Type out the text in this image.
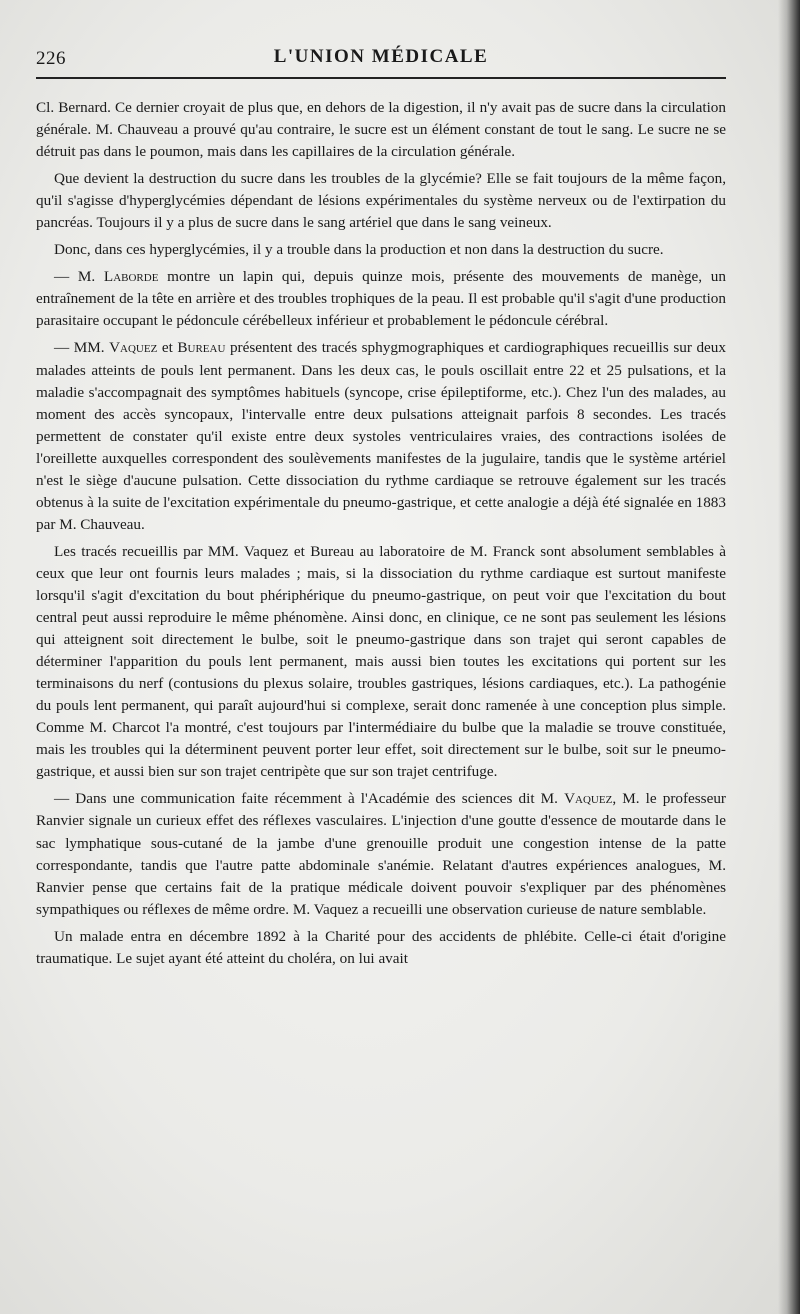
226	L'UNION MÉDICALE

Cl. Bernard. Ce dernier croyait de plus que, en dehors de la digestion, il n'y avait pas de sucre dans la circulation générale. M. Chauveau a prouvé qu'au contraire, le sucre est un élément constant de tout le sang. Le sucre ne se détruit pas dans le poumon, mais dans les capillaires de la circulation générale.

Que devient la destruction du sucre dans les troubles de la glycémie? Elle se fait toujours de la même façon, qu'il s'agisse d'hyperglycémies dépendant de lésions expérimentales du système nerveux ou de l'extirpation du pancréas. Toujours il y a plus de sucre dans le sang artériel que dans le sang veineux.

Donc, dans ces hyperglycémies, il y a trouble dans la production et non dans la destruction du sucre.

— M. Laborde montre un lapin qui, depuis quinze mois, présente des mouvements de manège, un entraînement de la tête en arrière et des troubles trophiques de la peau. Il est probable qu'il s'agit d'une production parasitaire occupant le pédoncule cérébelleux inférieur et probablement le pédoncule cérébral.

— MM. Vaquez et Bureau présentent des tracés sphygmographiques et cardiographiques recueillis sur deux malades atteints de pouls lent permanent. Dans les deux cas, le pouls oscillait entre 22 et 25 pulsations, et la maladie s'accompagnait des symptômes habituels (syncope, crise épileptiforme, etc.). Chez l'un des malades, au moment des accès syncopaux, l'intervalle entre deux pulsations atteignait parfois 8 secondes. Les tracés permettent de constater qu'il existe entre deux systoles ventriculaires vraies, des contractions isolées de l'oreillette auxquelles correspondent des soulèvements manifestes de la jugulaire, tandis que le système artériel n'est le siège d'aucune pulsation. Cette dissociation du rythme cardiaque se retrouve également sur les tracés obtenus à la suite de l'excitation expérimentale du pneumo-gastrique, et cette analogie a déjà été signalée en 1883 par M. Chauveau.

Les tracés recueillis par MM. Vaquez et Bureau au laboratoire de M. Franck sont absolument semblables à ceux que leur ont fournis leurs malades ; mais, si la dissociation du rythme cardiaque est surtout manifeste lorsqu'il s'agit d'excitation du bout phériphérique du pneumo-gastrique, on peut voir que l'excitation du bout central peut aussi reproduire le même phénomène. Ainsi donc, en clinique, ce ne sont pas seulement les lésions qui atteignent soit directement le bulbe, soit le pneumo-gastrique dans son trajet qui seront capables de déterminer l'apparition du pouls lent permanent, mais aussi bien toutes les excitations qui portent sur les terminaisons du nerf (contusions du plexus solaire, troubles gastriques, lésions cardiaques, etc.). La pathogénie du pouls lent permanent, qui paraît aujourd'hui si complexe, serait donc ramenée à une conception plus simple. Comme M. Charcot l'a montré, c'est toujours par l'intermédiaire du bulbe que la maladie se trouve constituée, mais les troubles qui la déterminent peuvent porter leur effet, soit directement sur le bulbe, soit sur le pneumo-gastrique, et aussi bien sur son trajet centripète que sur son trajet centrifuge.

— Dans une communication faite récemment à l'Académie des sciences dit M. Vaquez, M. le professeur Ranvier signale un curieux effet des réflexes vasculaires. L'injection d'une goutte d'essence de moutarde dans le sac lymphatique sous-cutané de la jambe d'une grenouille produit une congestion intense de la patte correspondante, tandis que l'autre patte abdominale s'anémie. Relatant d'autres expériences analogues, M. Ranvier pense que certains fait de la pratique médicale doivent pouvoir s'expliquer par des phénomènes sympathiques ou réflexes de même ordre. M. Vaquez a recueilli une observation curieuse de nature semblable.

Un malade entra en décembre 1892 à la Charité pour des accidents de phlébite. Celle-ci était d'origine traumatique. Le sujet ayant été atteint du choléra, on lui avait
